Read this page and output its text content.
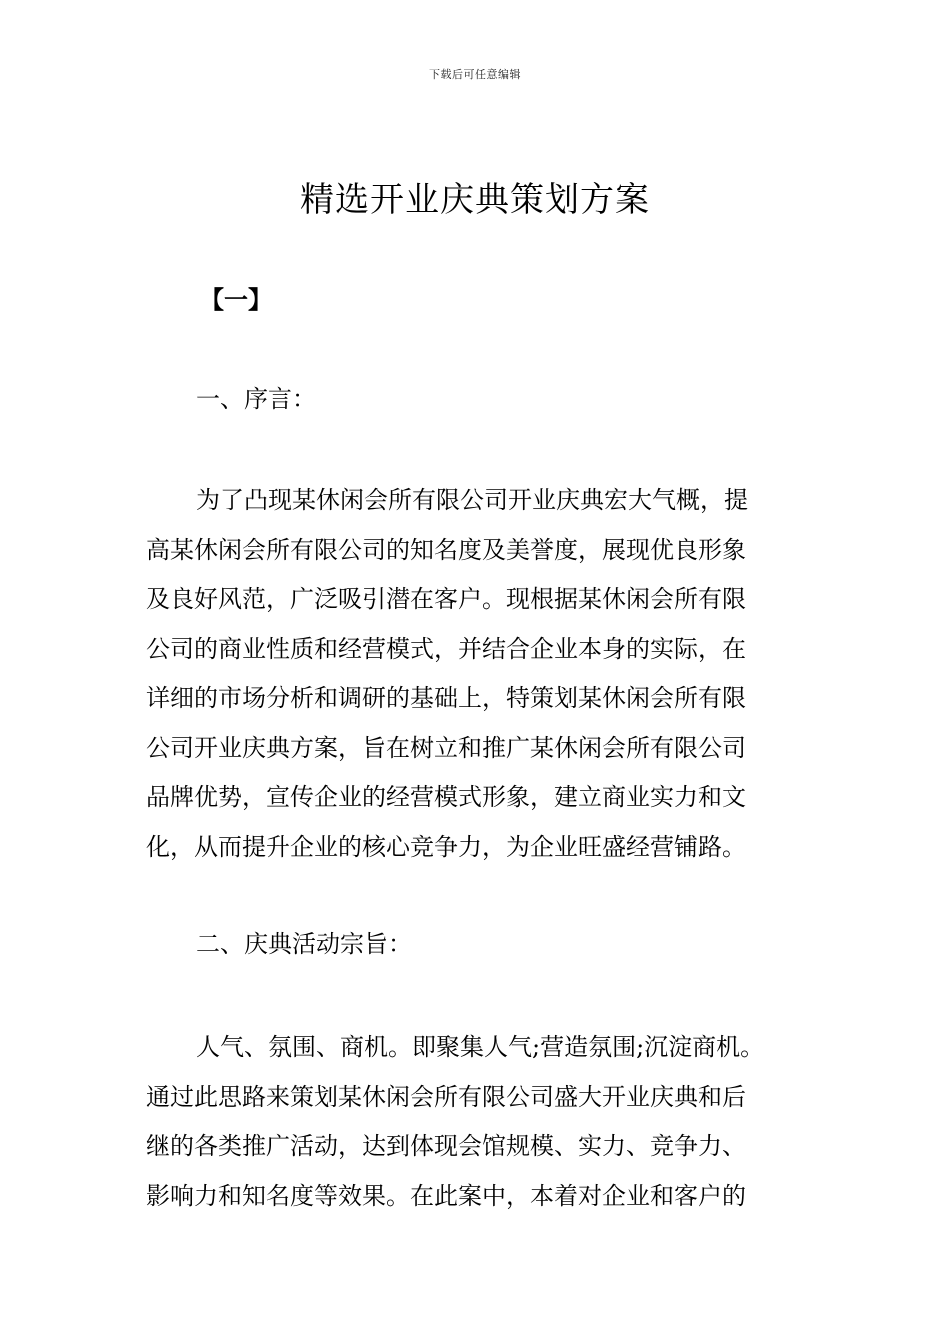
下载后可任意编辑
精选开业庆典策划方案
【一】
一、序言：
为了凸现某休闲会所有限公司开业庆典宏大气概，提
高某休闲会所有限公司的知名度及美誉度，展现优良形象
及良好风范，广泛吸引潜在客户。现根据某休闲会所有限
公司的商业性质和经营模式，并结合企业本身的实际，在
详细的市场分析和调研的基础上，特策划某休闲会所有限
公司开业庆典方案，旨在树立和推广某休闲会所有限公司
品牌优势，宣传企业的经营模式形象，建立商业实力和文
化，从而提升企业的核心竞争力，为企业旺盛经营铺路。
二、庆典活动宗旨：
人气、氛围、商机。即聚集人气;营造氛围;沉淀商机。
通过此思路来策划某休闲会所有限公司盛大开业庆典和后
继的各类推广活动，达到体现会馆规模、实力、竞争力、
影响力和知名度等效果。在此案中，本着对企业和客户的
